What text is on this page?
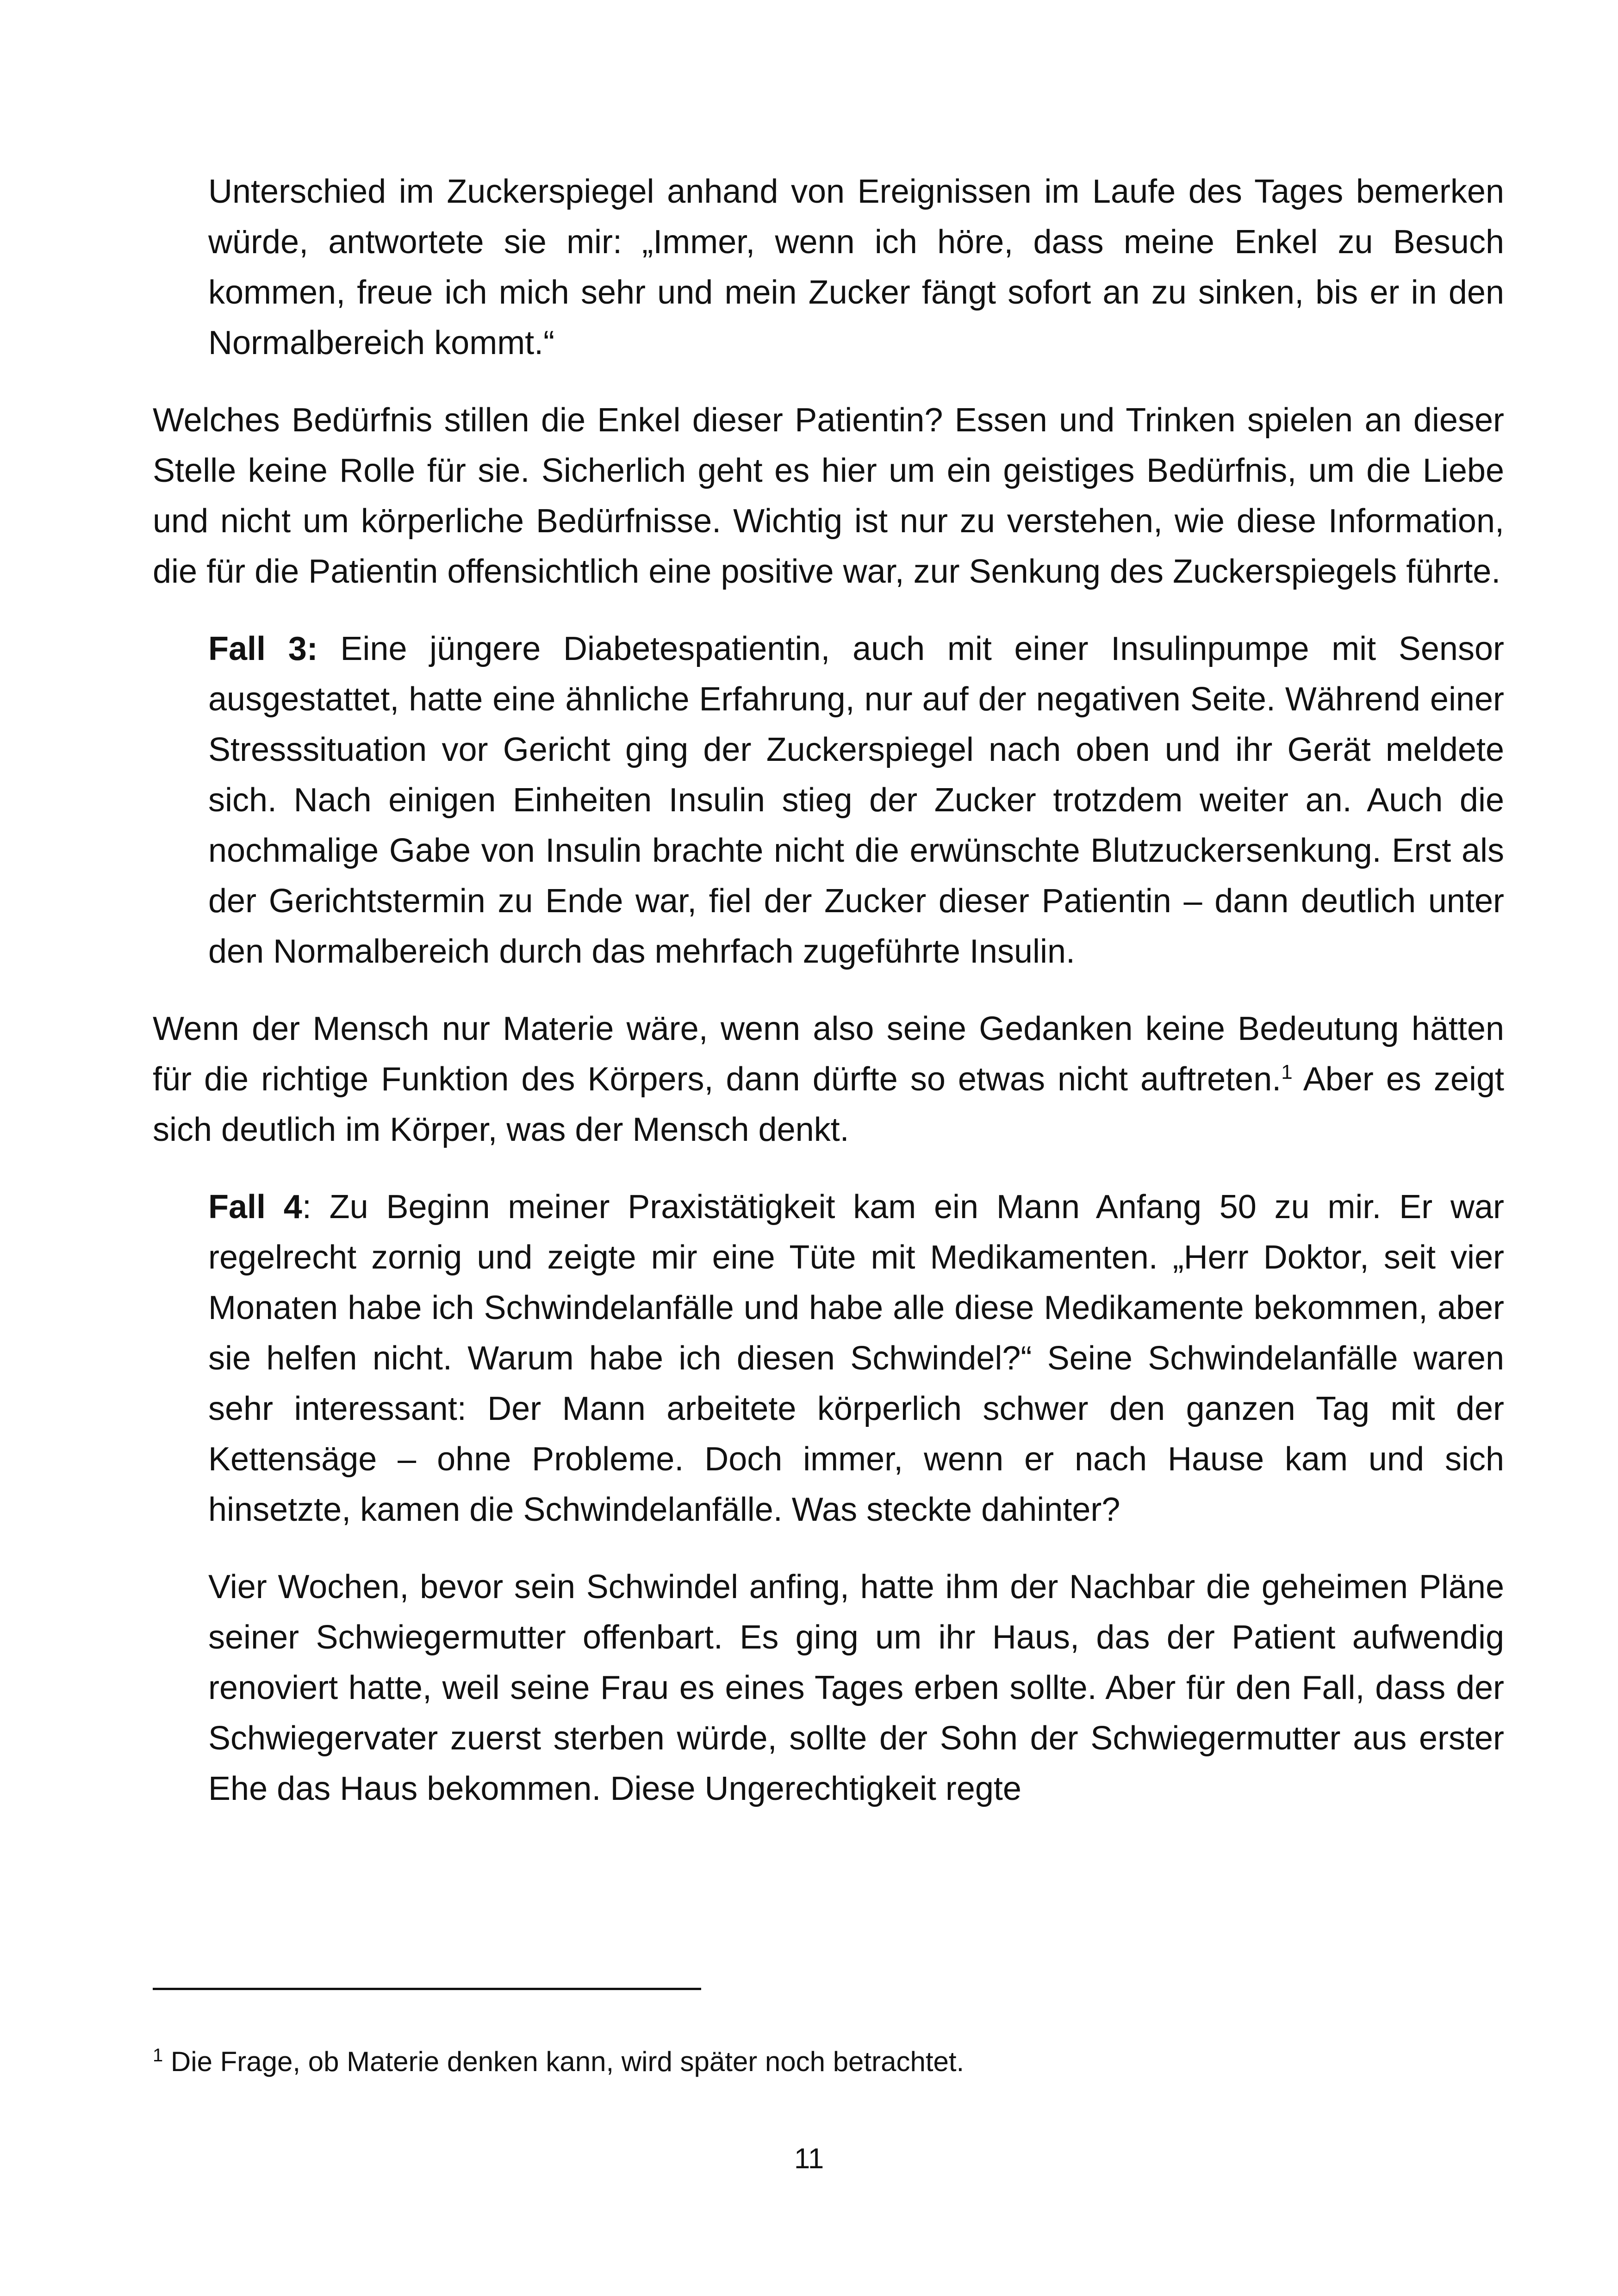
Unterschied im Zuckerspiegel anhand von Ereignissen im Laufe des Tages bemerken würde, antwortete sie mir: „Immer, wenn ich höre, dass meine Enkel zu Besuch kommen, freue ich mich sehr und mein Zucker fängt sofort an zu sinken, bis er in den Normalbereich kommt.“

Welches Bedürfnis stillen die Enkel dieser Patientin? Essen und Trinken spielen an dieser Stelle keine Rolle für sie. Sicherlich geht es hier um ein geistiges Bedürfnis, um die Liebe und nicht um körperliche Bedürfnisse. Wichtig ist nur zu verstehen, wie diese Information, die für die Patientin offensichtlich eine positive war, zur Senkung des Zuckerspiegels führte.

Fall 3: Eine jüngere Diabetespatientin, auch mit einer Insulinpumpe mit Sensor ausgestattet, hatte eine ähnliche Erfahrung, nur auf der negativen Seite. Während einer Stresssituation vor Gericht ging der Zuckerspiegel nach oben und ihr Gerät meldete sich. Nach einigen Einheiten Insulin stieg der Zucker trotzdem weiter an. Auch die nochmalige Gabe von Insulin brachte nicht die erwünschte Blutzuckersenkung. Erst als der Gerichtstermin zu Ende war, fiel der Zucker dieser Patientin – dann deutlich unter den Normalbereich durch das mehrfach zugeführte Insulin.

Wenn der Mensch nur Materie wäre, wenn also seine Gedanken keine Bedeutung hätten für die richtige Funktion des Körpers, dann dürfte so etwas nicht auftreten.$^1$ Aber es zeigt sich deutlich im Körper, was der Mensch denkt.

Fall 4: Zu Beginn meiner Praxistätigkeit kam ein Mann Anfang 50 zu mir. Er war regelrecht zornig und zeigte mir eine Tüte mit Medikamenten. „Herr Doktor, seit vier Monaten habe ich Schwindelanfälle und habe alle diese Medikamente bekommen, aber sie helfen nicht. Warum habe ich diesen Schwindel?“ Seine Schwindelanfälle waren sehr interessant: Der Mann arbeitete körperlich schwer den ganzen Tag mit der Kettensäge – ohne Probleme. Doch immer, wenn er nach Hause kam und sich hinsetzte, kamen die Schwindelanfälle. Was steckte dahinter?

Vier Wochen, bevor sein Schwindel anfing, hatte ihm der Nachbar die geheimen Pläne seiner Schwiegermutter offenbart. Es ging um ihr Haus, das der Patient aufwendig renoviert hatte, weil seine Frau es eines Tages erben sollte. Aber für den Fall, dass der Schwiegervater zuerst sterben würde, sollte der Sohn der Schwiegermutter aus erster Ehe das Haus bekommen. Diese Ungerechtigkeit regte

$^1$ Die Frage, ob Materie denken kann, wird später noch betrachtet.
11
